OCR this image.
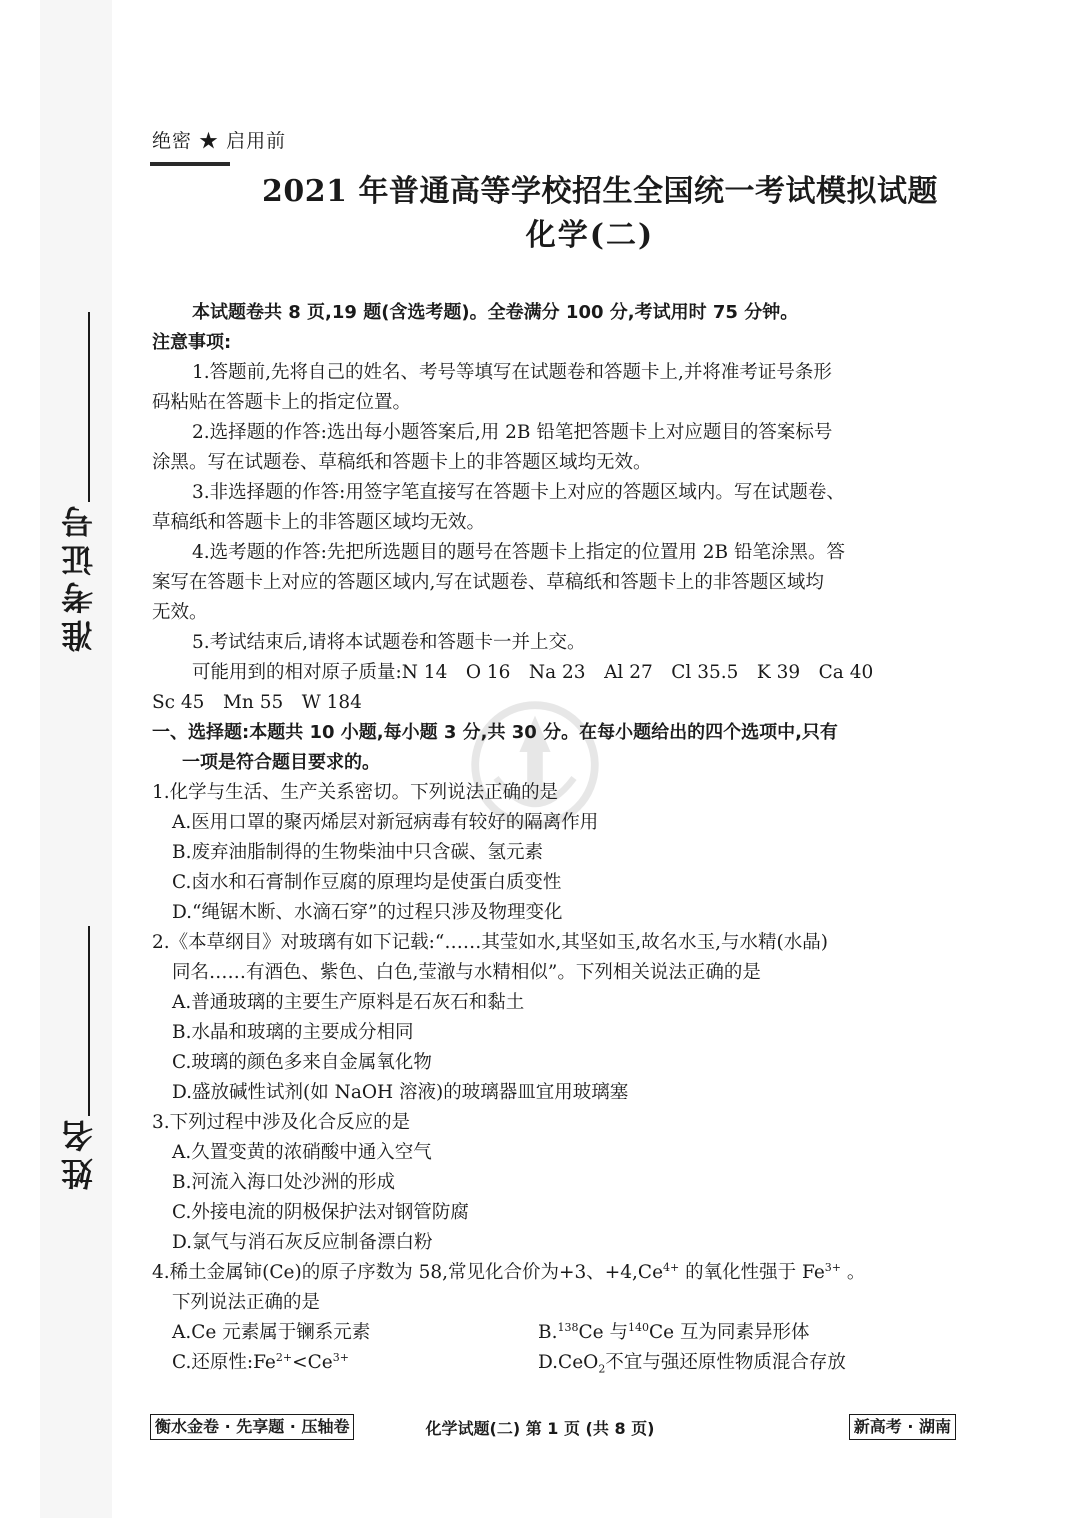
绝密 ★ 启用前
2021 年普通高等学校招生全国统一考试模拟试题
化学(二)
准考证号
姓名
本试题卷共 8 页,19 题(含选考题)。全卷满分 100 分,考试用时 75 分钟。
注意事项:
1.答题前,先将自己的姓名、考号等填写在试题卷和答题卡上,并将准考证号条形
码粘贴在答题卡上的指定位置。
2.选择题的作答:选出每小题答案后,用 2B 铅笔把答题卡上对应题目的答案标号
涂黑。写在试题卷、草稿纸和答题卡上的非答题区域均无效。
3.非选择题的作答:用签字笔直接写在答题卡上对应的答题区域内。写在试题卷、
草稿纸和答题卡上的非答题区域均无效。
4.选考题的作答:先把所选题目的题号在答题卡上指定的位置用 2B 铅笔涂黑。答
案写在答题卡上对应的答题区域内,写在试题卷、草稿纸和答题卡上的非答题区域均
无效。
5.考试结束后,请将本试题卷和答题卡一并上交。
可能用到的相对原子质量:N 14　O 16　Na 23　Al 27　Cl 35.5　K 39　Ca 40
Sc 45　Mn 55　W 184
一、选择题:本题共 10 小题,每小题 3 分,共 30 分。在每小题给出的四个选项中,只有
一项是符合题目要求的。
1.化学与生活、生产关系密切。下列说法正确的是
A.医用口罩的聚丙烯层对新冠病毒有较好的隔离作用
B.废弃油脂制得的生物柴油中只含碳、氢元素
C.卤水和石膏制作豆腐的原理均是使蛋白质变性
D.“绳锯木断、水滴石穿”的过程只涉及物理变化
2.《本草纲目》对玻璃有如下记载:“……其莹如水,其坚如玉,故名水玉,与水精(水晶)
同名……有酒色、紫色、白色,莹澈与水精相似”。下列相关说法正确的是
A.普通玻璃的主要生产原料是石灰石和黏土
B.水晶和玻璃的主要成分相同
C.玻璃的颜色多来自金属氧化物
D.盛放碱性试剂(如 NaOH 溶液)的玻璃器皿宜用玻璃塞
3.下列过程中涉及化合反应的是
A.久置变黄的浓硝酸中通入空气
B.河流入海口处沙洲的形成
C.外接电流的阴极保护法对钢管防腐
D.氯气与消石灰反应制备漂白粉
4.稀土金属铈(Ce)的原子序数为 58,常见化合价为+3、$+4,Ce^{4+}$ 的氧化性强于 $Fe^{3+}$ 。
下列说法正确的是
A.Ce 元素属于镧系元素	B.$^{138}$Ce 与$^{140}$Ce 互为同素异形体
C.还原性$:Fe^{2+}<Ce^{3+}$	D.CeO$_2$不宜与强还原性物质混合存放
衡水金卷 · 先享题 · 压轴卷	化学试题(二) 第 1 页 (共 8 页)	新高考 · 湖南
